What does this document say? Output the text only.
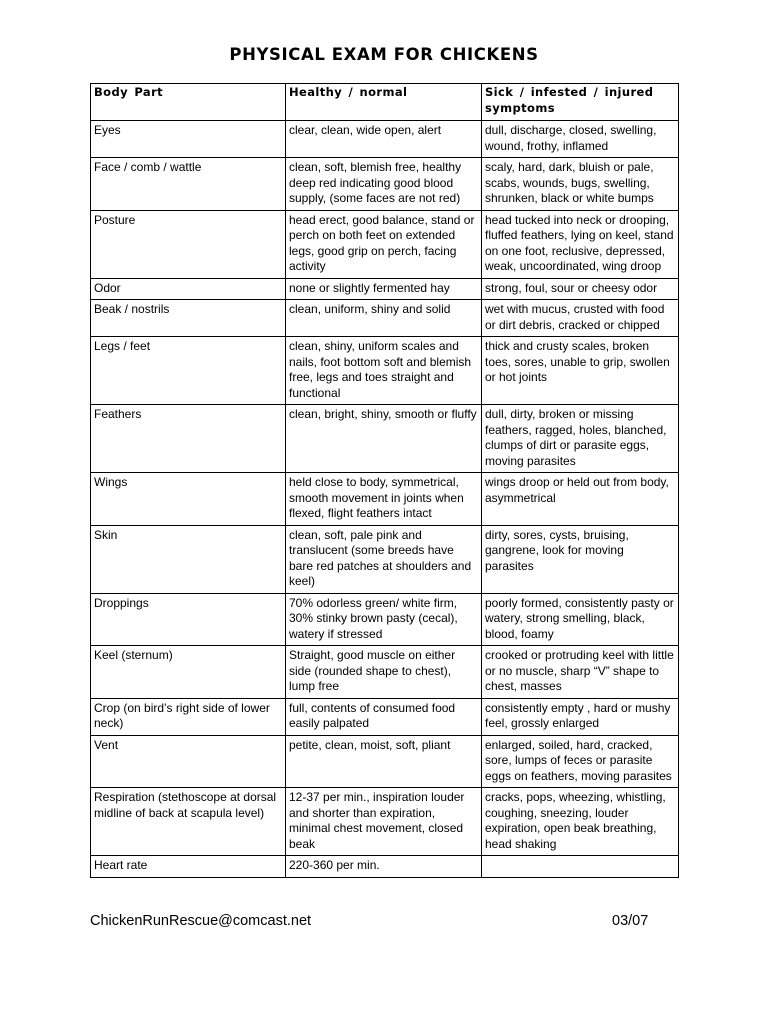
PHYSICAL EXAM FOR CHICKENS
Body Part	Healthy / normal	Sick / infested / injured symptoms
Eyes	clear, clean, wide open, alert	dull, discharge, closed, swelling, wound, frothy, inflamed
Face / comb / wattle	clean, soft, blemish free, healthy deep red indicating good blood supply, (some faces are not red)	scaly, hard, dark, bluish or pale, scabs, wounds, bugs, swelling, shrunken, black or white bumps
Posture	head erect, good balance, stand or perch on both feet on extended legs, good grip on perch, facing activity	head tucked into neck or drooping, fluffed feathers, lying on keel, stand on one foot, reclusive, depressed, weak, uncoordinated, wing droop
Odor	none or slightly fermented hay	strong, foul, sour or cheesy odor
Beak / nostrils	clean, uniform, shiny and solid	wet with mucus, crusted with food or dirt debris, cracked or chipped
Legs / feet	clean, shiny, uniform scales and nails, foot bottom soft and blemish free, legs and toes straight and functional	thick and crusty scales, broken toes, sores, unable to grip, swollen or hot joints
Feathers	clean, bright, shiny, smooth or fluffy	dull, dirty, broken or missing feathers, ragged, holes, blanched, clumps of dirt or parasite eggs, moving parasites
Wings	held close to body, symmetrical, smooth movement in joints when flexed, flight feathers intact	wings droop or held out from body, asymmetrical
Skin	clean, soft, pale pink and translucent (some breeds have bare red patches at shoulders and keel)	dirty, sores, cysts, bruising, gangrene, look for moving parasites
Droppings	70% odorless green/ white firm, 30% stinky brown pasty (cecal), watery if stressed	poorly formed, consistently pasty or watery, strong smelling, black, blood, foamy
Keel (sternum)	Straight, good muscle on either side (rounded shape to chest), lump free	crooked or protruding keel with little or no muscle, sharp “V” shape to chest, masses
Crop (on bird’s right side of lower neck)	full, contents of consumed food easily palpated	consistently empty , hard or mushy feel, grossly enlarged
Vent	petite, clean, moist, soft, pliant	enlarged, soiled, hard, cracked, sore, lumps of feces or parasite eggs on feathers, moving parasites
Respiration (stethoscope at dorsal midline of back at scapula level)	12-37 per min., inspiration louder and shorter than expiration, minimal chest movement, closed beak	cracks, pops, wheezing, whistling, coughing, sneezing, louder expiration, open beak breathing, head shaking
Heart rate	220-360 per min.	
ChickenRunRescue@comcast.net	03/07
